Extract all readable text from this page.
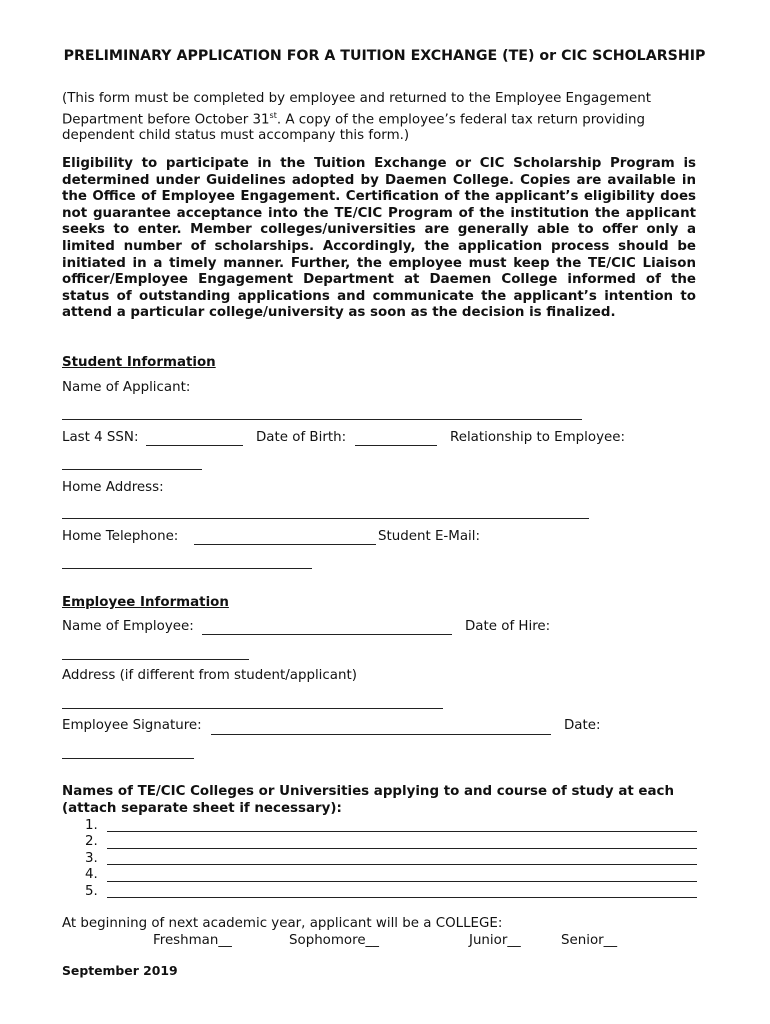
PRELIMINARY APPLICATION FOR A TUITION EXCHANGE (TE) or CIC SCHOLARSHIP
(This form must be completed by employee and returned to the Employee Engagement Department before October 31st. A copy of the employee’s federal tax return providing dependent child status must accompany this form.)
Eligibility to participate in the Tuition Exchange or CIC Scholarship Program is determined under Guidelines adopted by Daemen College. Copies are available in the Office of Employee Engagement. Certification of the applicant’s eligibility does not guarantee acceptance into the TE/CIC Program of the institution the applicant seeks to enter. Member colleges/universities are generally able to offer only a limited number of scholarships. Accordingly, the application process should be initiated in a timely manner. Further, the employee must keep the TE/CIC Liaison officer/Employee Engagement Department at Daemen College informed of the status of outstanding applications and communicate the applicant’s intention to attend a particular college/university as soon as the decision is finalized.
Student Information
Name of Applicant:
Last 4 SSN:	Date of Birth:	Relationship to Employee:
Home Address:
Home Telephone:	Student E-Mail:
Employee Information
Name of Employee:	Date of Hire:
Address (if different from student/applicant)
Employee Signature:	Date:
Names of TE/CIC Colleges or Universities applying to and course of study at each
(attach separate sheet if necessary):
1.
2.
3.
4.
5.
At beginning of next academic year, applicant will be a COLLEGE:
Freshman__	Sophomore__	Junior__	Senior__
September 2019
